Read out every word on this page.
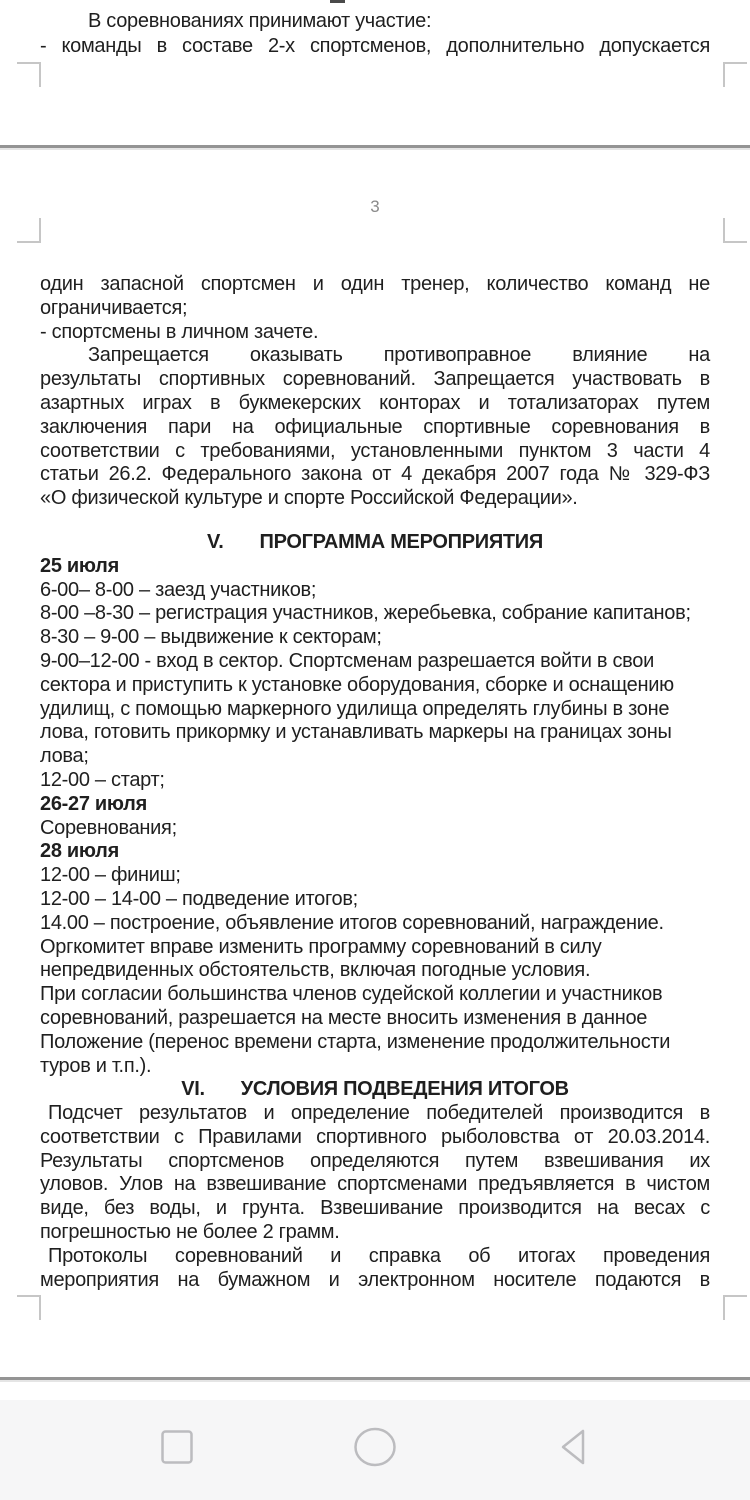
В соревнованиях принимают участие:
- команды в составе 2-х спортсменов, дополнительно допускается
3
один запасной спортсмен и один тренер, количество команд не
ограничивается;
- спортсмены в личном зачете.
Запрещается оказывать противоправное влияние на
результаты спортивных соревнований. Запрещается участвовать в
азартных играх в букмекерских конторах и тотализаторах путем
заключения пари на официальные спортивные соревнования в
соответствии с требованиями, установленными пунктом 3 части 4
статьи 26.2. Федерального закона от 4 декабря 2007 года № 329-ФЗ
«О физической культуре и спорте Российской Федерации».
V. ПРОГРАММА МЕРОПРИЯТИЯ
25 июля
6-00– 8-00 – заезд участников;
8-00 –8-30 – регистрация участников, жеребьевка, собрание капитанов;
8-30 – 9-00 – выдвижение к секторам;
9-00–12-00 - вход в сектор. Спортсменам разрешается войти в свои
сектора и приступить к установке оборудования, сборке и оснащению
удилищ, с помощью маркерного удилища определять глубины в зоне
лова, готовить прикормку и устанавливать маркеры на границах зоны
лова;
12-00 – старт;
26-27 июля
Соревнования;
28 июля
12-00 – финиш;
12-00 – 14-00 – подведение итогов;
14.00 – построение, объявление итогов соревнований, награждение.
Оргкомитет вправе изменить программу соревнований в силу
непредвиденных обстоятельств, включая погодные условия.
При согласии большинства членов судейской коллегии и участников
соревнований, разрешается на месте вносить изменения в данное
Положение (перенос времени старта, изменение продолжительности
туров и т.п.).
VI. УСЛОВИЯ ПОДВЕДЕНИЯ ИТОГОВ
Подсчет результатов и определение победителей производится в
соответствии с Правилами спортивного рыболовства от 20.03.2014.
Результаты спортсменов определяются путем взвешивания их
уловов. Улов на взвешивание спортсменами предъявляется в чистом
виде, без воды, и грунта. Взвешивание производится на весах с
погрешностью не более 2 грамм.
Протоколы соревнований и справка об итогах проведения
мероприятия на бумажном и электронном носителе подаются в
